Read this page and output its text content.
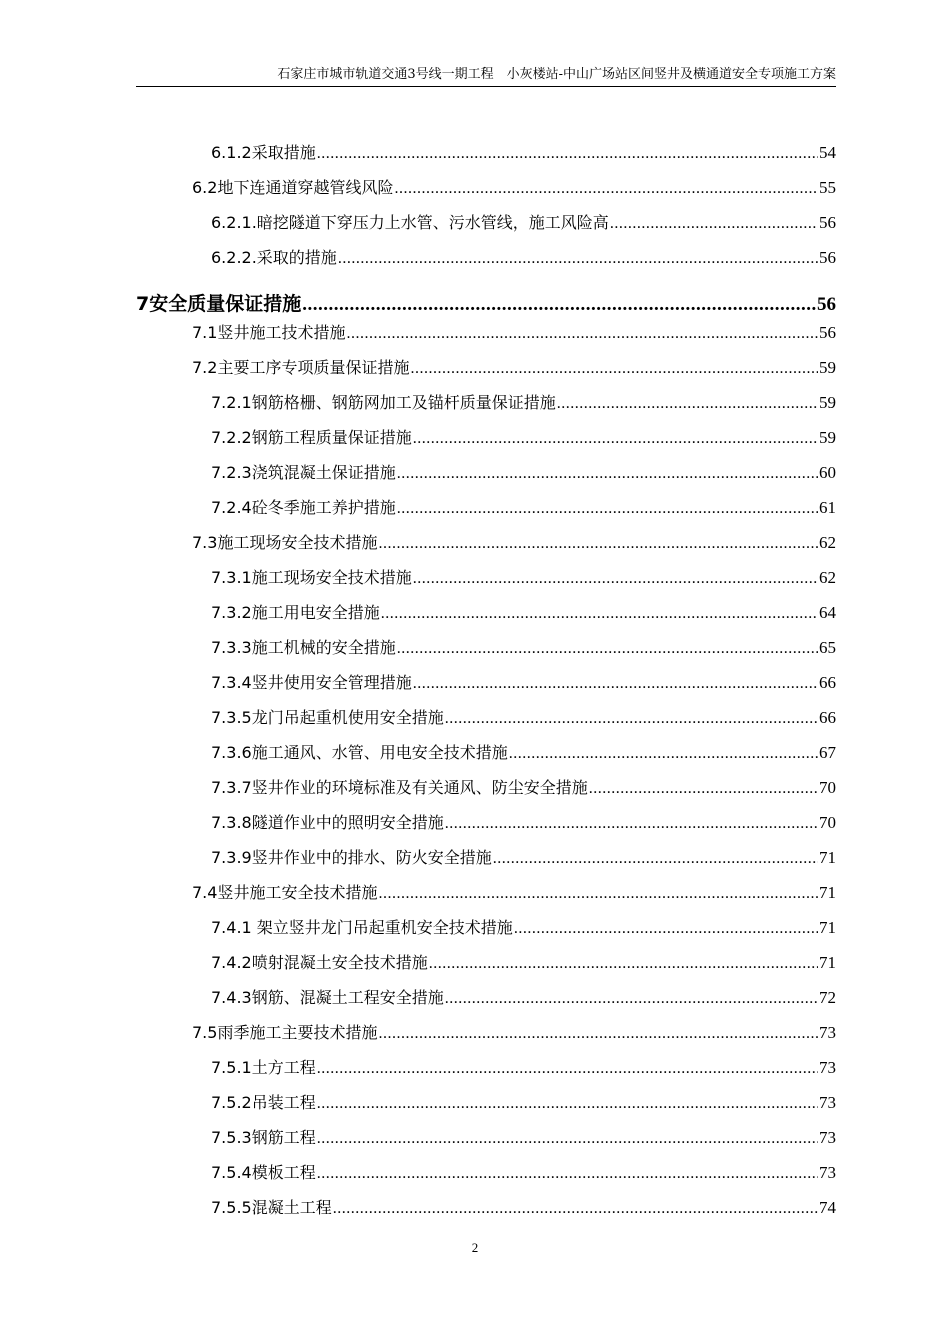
石家庄市城市轨道交通3号线一期工程　小灰楼站-中山广场站区间竖井及横通道安全专项施工方案
6.1.2采取措施 .....	54
6.2地下连通道穿越管线风险 .....	55
6.2.1.暗挖隧道下穿压力上水管、污水管线，施工风险高 .....	56
6.2.2.采取的措施 .....	56
7安全质量保证措施 .....	56
7.1竖井施工技术措施 .....	56
7.2主要工序专项质量保证措施 .....	59
7.2.1钢筋格栅、钢筋网加工及锚杆质量保证措施 .....	59
7.2.2钢筋工程质量保证措施 .....	59
7.2.3浇筑混凝土保证措施 .....	60
7.2.4砼冬季施工养护措施 .....	61
7.3施工现场安全技术措施 .....	62
7.3.1施工现场安全技术措施 .....	62
7.3.2施工用电安全措施 .....	64
7.3.3施工机械的安全措施 .....	65
7.3.4竖井使用安全管理措施 .....	66
7.3.5龙门吊起重机使用安全措施 .....	66
7.3.6施工通风、水管、用电安全技术措施 .....	67
7.3.7竖井作业的环境标准及有关通风、防尘安全措施 .....	70
7.3.8隧道作业中的照明安全措施 .....	70
7.3.9竖井作业中的排水、防火安全措施 .....	71
7.4竖井施工安全技术措施 .....	71
7.4.1 架立竖井龙门吊起重机安全技术措施 .....	71
7.4.2喷射混凝土安全技术措施 .....	71
7.4.3钢筋、混凝土工程安全措施 .....	72
7.5雨季施工主要技术措施 .....	73
7.5.1土方工程 .....	73
7.5.2吊装工程 .....	73
7.5.3钢筋工程 .....	73
7.5.4模板工程 .....	73
7.5.5混凝土工程 .....	74
2
